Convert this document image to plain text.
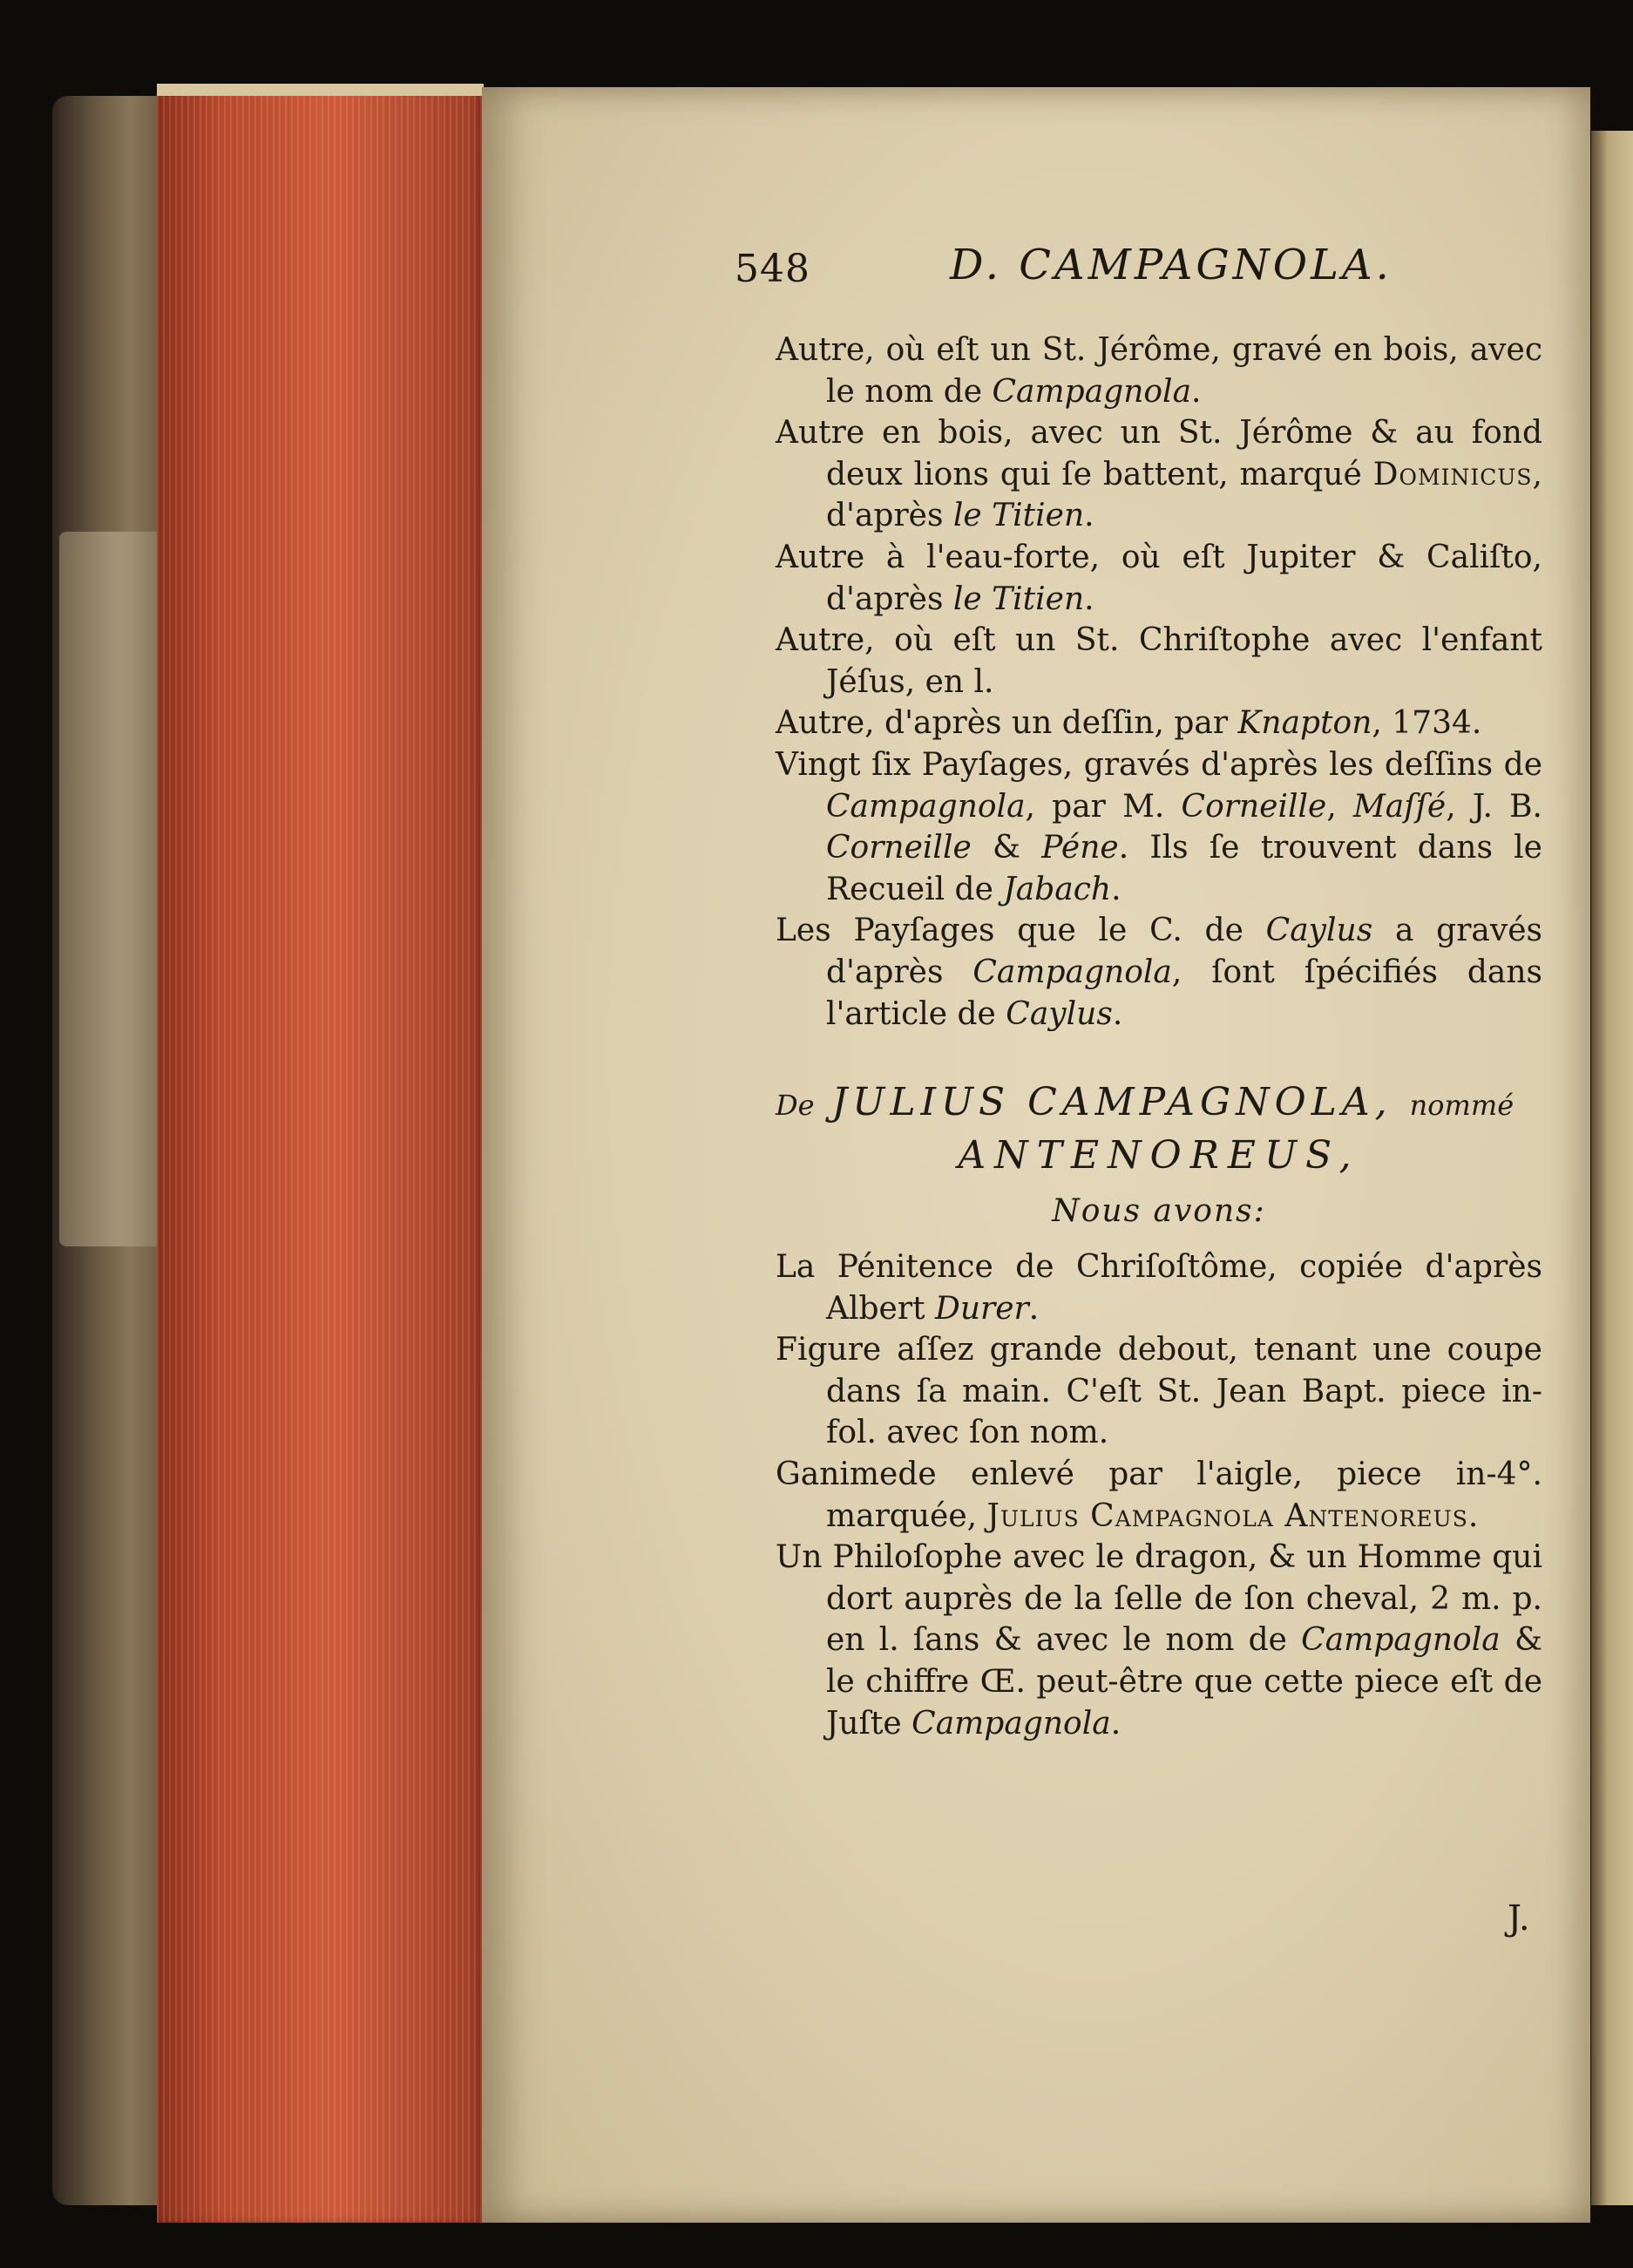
548	D. CAMPAGNOLA.

Autre, où eſt un St. Jérôme, gravé en bois, avec le nom de Campagnola.

Autre en bois, avec un St. Jérôme & au fond deux lions qui ſe battent, marqué Dominicus, d'après le Titien.

Autre à l'eau-forte, où eſt Jupiter & Caliſto, d'après le Titien.

Autre, où eſt un St. Chriſtophe avec l'enfant Jéſus, en l.

Autre, d'après un deſſin, par Knapton, 1734.

Vingt ſix Payſages, gravés d'après les deſſins de Campagnola, par M. Corneille, Maſſé, J. B. Corneille & Péne. Ils ſe trouvent dans le Recueil de Jabach.

Les Payſages que le C. de Caylus a gravés d'après Campagnola, ſont ſpécifiés dans l'article de Caylus.

De JULIUS CAMPAGNOLA, nommé
ANTENOREUS,
Nous avons:

La Pénitence de Chriſoſtôme, copiée d'après Albert Durer.

Figure aſſez grande debout, tenant une coupe dans ſa main. C'eſt St. Jean Bapt. piece in-fol. avec ſon nom.

Ganimede enlevé par l'aigle, piece in-4°. marquée, Julius Campagnola Antenoreus.

Un Philoſophe avec le dragon, & un Homme qui dort auprès de la ſelle de ſon cheval, 2 m. p. en l. ſans & avec le nom de Campagnola & le chiffre Œ. peut-être que cette piece eſt de Juſte Campagnola.

J.
